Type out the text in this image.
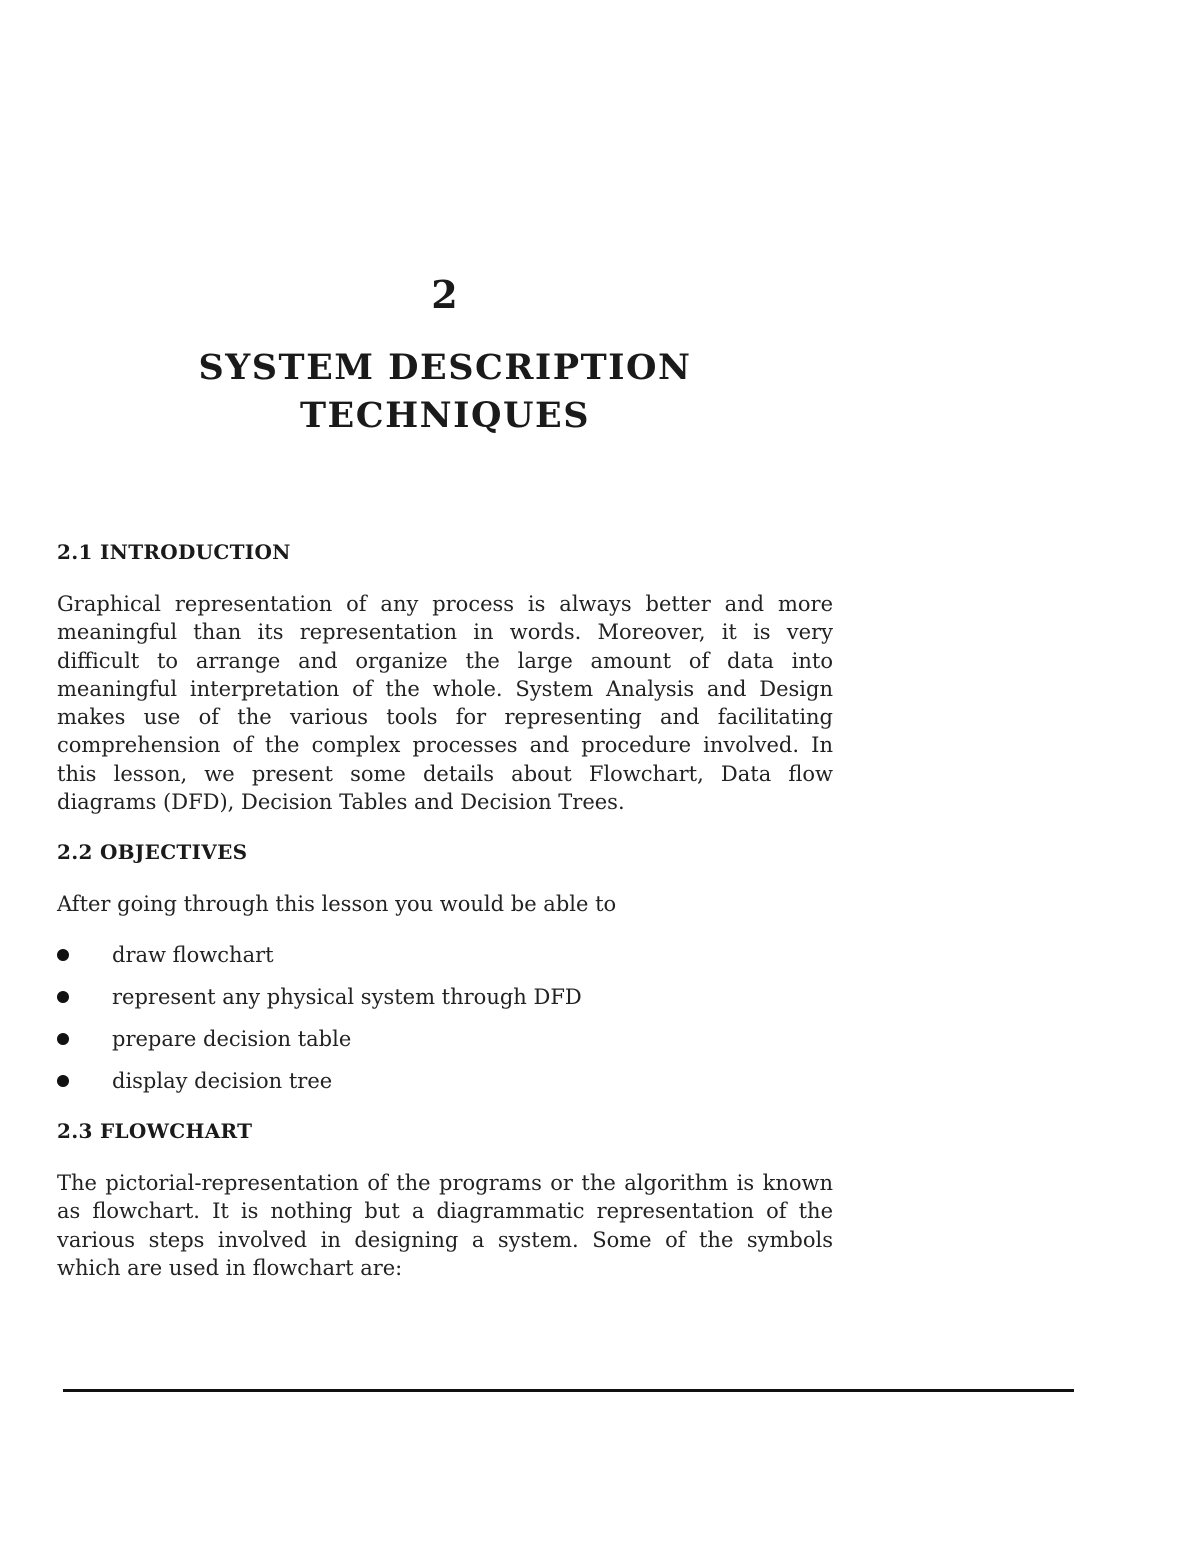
2
SYSTEM DESCRIPTION
TECHNIQUES
2.1 INTRODUCTION
Graphical representation of any process is always better and more meaningful than its representation in words. Moreover, it is very difficult to arrange and organize the large amount of data into meaningful interpretation of the whole. System Analysis and Design makes use of the various tools for representing and facilitating comprehension of the complex processes and procedure involved. In this lesson, we present some details about Flowchart, Data flow diagrams (DFD), Decision Tables and Decision Trees.
2.2 OBJECTIVES
After going through this lesson you would be able to
draw flowchart
represent any physical system through DFD
prepare decision table
display decision tree
2.3 FLOWCHART
The pictorial-representation of the programs or the algorithm is known as flowchart. It is nothing but a diagrammatic representation of the various steps involved in designing a system. Some of the symbols which are used in flowchart are:
